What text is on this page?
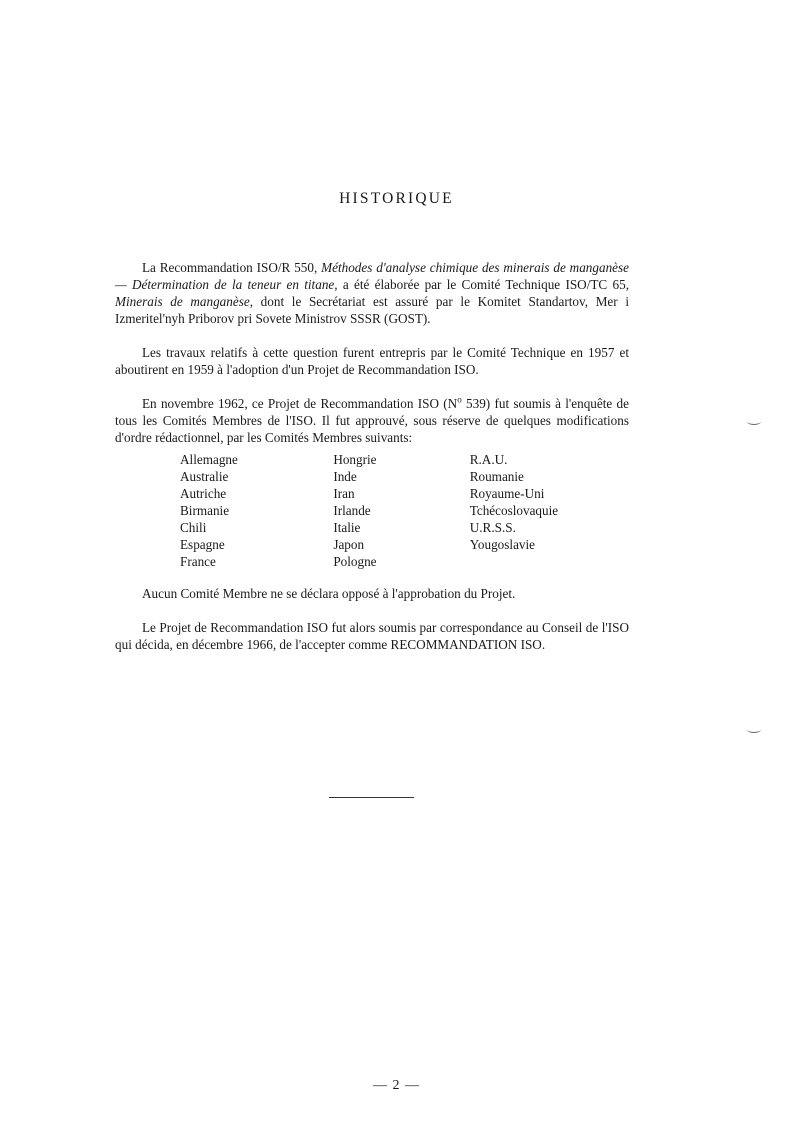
HISTORIQUE

La Recommandation ISO/R 550, Méthodes d'analyse chimique des minerais de manganèse — Détermination de la teneur en titane, a été élaborée par le Comité Technique ISO/TC 65, Minerais de manganèse, dont le Secrétariat est assuré par le Komitet Standartov, Mer i Izmeritel'nyh Priborov pri Sovete Ministrov SSSR (GOST).

Les travaux relatifs à cette question furent entrepris par le Comité Technique en 1957 et aboutirent en 1959 à l'adoption d'un Projet de Recommandation ISO.

En novembre 1962, ce Projet de Recommandation ISO ($N^o$ 539) fut soumis à l'enquête de tous les Comités Membres de l'ISO. Il fut approuvé, sous réserve de quelques modifications d'ordre rédactionnel, par les Comités Membres suivants:

Allemagne
Australie
Autriche
Birmanie
Chili
Espagne
France
Hongrie
Inde
Iran
Irlande
Italie
Japon
Pologne
R.A.U.
Roumanie
Royaume-Uni
Tchécoslovaquie
U.R.S.S.
Yougoslavie

Aucun Comité Membre ne se déclara opposé à l'approbation du Projet.

Le Projet de Recommandation ISO fut alors soumis par correspondance au Conseil de l'ISO qui décida, en décembre 1966, de l'accepter comme RECOMMANDATION ISO.

— 2 —
